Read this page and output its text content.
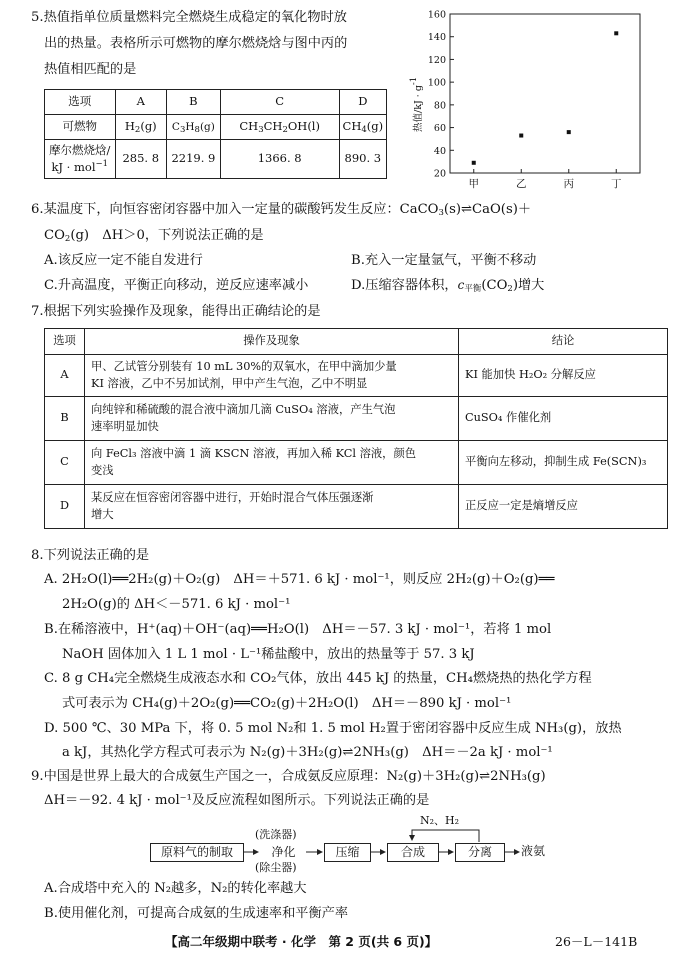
5.热值指单位质量燃料完全燃烧生成稳定的氧化物时放
出的热量。表格所示可燃物的摩尔燃烧焓与图中丙的
热值相匹配的是
选项	A	B	C	D
可燃物	$H_2(g)$	$C_3H_8(g)$	$CH_3CH_2OH(l)$	$CH_4(g)$
摩尔燃烧焓/
kJ · mol$^{-1}$	285. 8	2219. 9	1366. 8	890. 3
热值$/kJ \cdot g^{-1}$
20
40
60
80
100
120
140
160
甲	乙	丙	丁
6.某温度下，向恒容密闭容器中加入一定量的碳酸钙发生反应：CaCO$_3$(s)⇌CaO(s)＋
$CO_2(g)$　ΔH＞0，下列说法正确的是
A.该反应一定不能自发进行	B.充入一定量氩气，平衡不移动
C.升高温度，平衡正向移动，逆反应速率减小	D.压缩容器体积，$c_{平衡}(CO_2)$增大
7.根据下列实验操作及现象，能得出正确结论的是
选项	操作及现象	结论
A	甲、乙试管分别装有 10 mL 30%的双氧水，在甲中滴加少量
KI 溶液，乙中不另加试剂，甲中产生气泡，乙中不明显	KI 能加快 H₂O₂ 分解反应
B	向纯锌和稀硫酸的混合液中滴加几滴 CuSO₄ 溶液，产生气泡
速率明显加快	CuSO₄ 作催化剂
C	向 FeCl₃ 溶液中滴 1 滴 KSCN 溶液，再加入稀 KCl 溶液，颜色
变浅	平衡向左移动，抑制生成 Fe(SCN)₃
D	某反应在恒容密闭容器中进行，开始时混合气体压强逐渐
增大	正反应一定是熵增反应
8.下列说法正确的是
A. 2H₂O(l)══2H₂(g)＋O₂(g)　ΔH＝＋571. 6 kJ · mol⁻¹，则反应 2H₂(g)＋O₂(g)══
2H₂O(g)的 ΔH＜－571. 6 kJ · mol⁻¹
B.在稀溶液中，H⁺(aq)＋OH⁻(aq)══H₂O(l)　ΔH＝－57. 3 kJ · mol⁻¹，若将 1 mol
NaOH 固体加入 1 L 1 mol · L⁻¹稀盐酸中，放出的热量等于 57. 3 kJ
C. 8 g CH₄完全燃烧生成液态水和 CO₂气体，放出 445 kJ 的热量，CH₄燃烧热的热化学方程
式可表示为 CH₄(g)＋2O₂(g)══CO₂(g)＋2H₂O(l)　ΔH＝－890 kJ · mol⁻¹
D. 500 ℃、30 MPa 下，将 0. 5 mol N₂和 1. 5 mol H₂置于密闭容器中反应生成 NH₃(g)，放热
a kJ，其热化学方程式可表示为 N₂(g)＋3H₂(g)⇌2NH₃(g)　ΔH＝－2a kJ · mol⁻¹
9.中国是世界上最大的合成氨生产国之一，合成氨反应原理：N₂(g)＋3H₂(g)⇌2NH₃(g)
ΔH＝－92. 4 kJ · mol⁻¹及反应流程如图所示。下列说法正确的是
N₂、H₂
(洗涤器)
原料气的制取	净化	压缩	合成	分离	液氨
(除尘器)
A.合成塔中充入的 N₂越多，N₂的转化率越大
B.使用催化剂，可提高合成氨的生成速率和平衡产率
【高二年级期中联考 · 化学　第 2 页(共 6 页)】	26－L－141B
